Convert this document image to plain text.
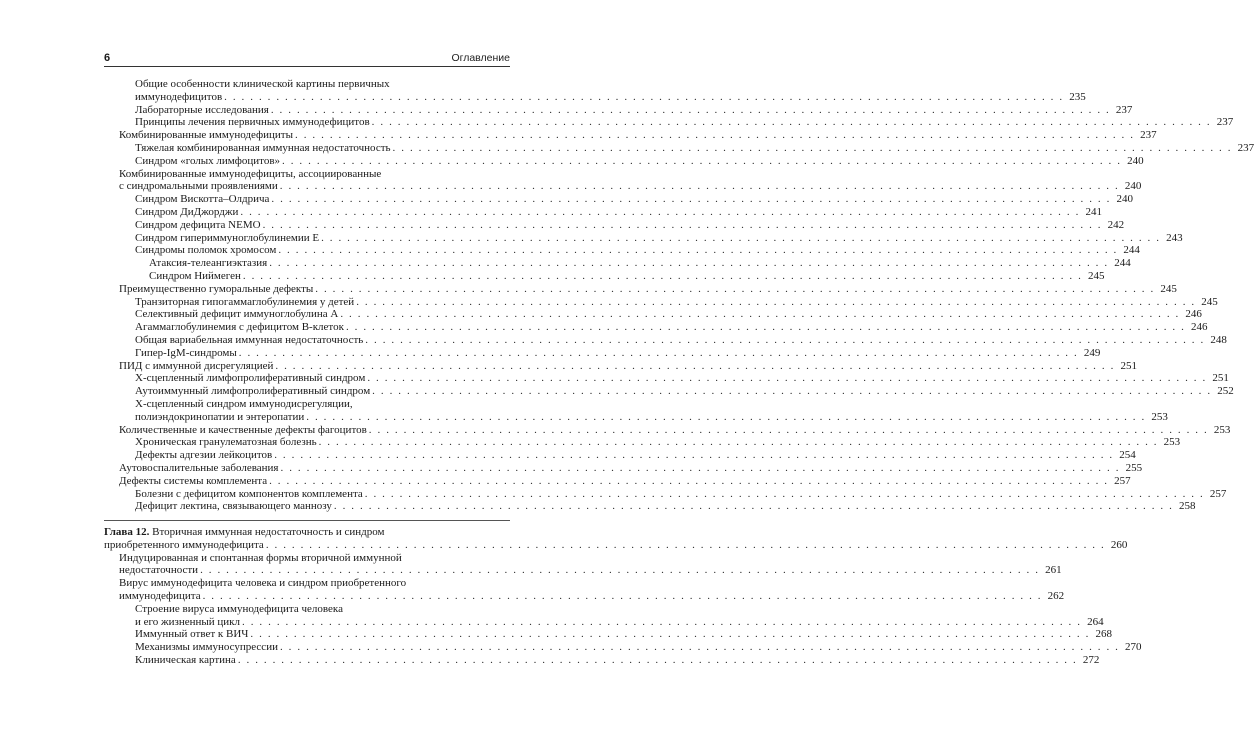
6	Оглавление
Общие особенности клинической картины первичных
иммунодефицитов . . .	235
Лабораторные исследования . . .	237
Принципы лечения первичных иммунодефицитов . . .	237
Комбинированные иммунодефициты . . .	237
Тяжелая комбинированная иммунная недостаточность . . .	237
Синдром «голых лимфоцитов» . . .	240
Комбинированные иммунодефициты, ассоциированные
с синдромальными проявлениями . . .	240
Синдром Вискотта–Олдрича . . .	240
Синдром ДиДжорджи . . .	241
Синдром дефицита NEMO . . .	242
Синдром гипериммуноглобулинемии E . . .	243
Синдромы поломок хромосом . . .	244
Атаксия-телеангиэктазия . . .	244
Синдром Ниймеген . . .	245
Преимущественно гуморальные дефекты . . .	245
Транзиторная гипогаммаглобулинемия у детей . . .	245
Селективный дефицит иммуноглобулина A . . .	246
Агаммаглобулинемия с дефицитом B-клеток . . .	246
Общая вариабельная иммунная недостаточность . . .	248
Гипер-IgM-синдромы . . .	249
ПИД с иммунной дисрегуляцией . . .	251
X-сцепленный лимфопролиферативный синдром . . .	251
Аутоиммунный лимфопролиферативный синдром . . .	252
X-сцепленный синдром иммунодисрегуляции,
полиэндокринопатии и энтеропатии . . .	253
Количественные и качественные дефекты фагоцитов . . .	253
Хроническая гранулематозная болезнь . . .	253
Дефекты адгезии лейкоцитов . . .	254
Аутовоспалительные заболевания . . .	255
Дефекты системы комплемента . . .	257
Болезни с дефицитом компонентов комплемента . . .	257
Дефицит лектина, связывающего маннозу . . .	258
Глава 12. Вторичная иммунная недостаточность и синдром
приобретенного иммунодефицита . . .	260
Индуцированная и спонтанная формы вторичной иммунной
недостаточности . . .	261
Вирус иммунодефицита человека и синдром приобретенного
иммунодефицита . . .	262
Строение вируса иммунодефицита человека
и его жизненный цикл . . .	264
Иммунный ответ к ВИЧ . . .	268
Механизмы иммуносупрессии . . .	270
Клиническая картина . . .	272
